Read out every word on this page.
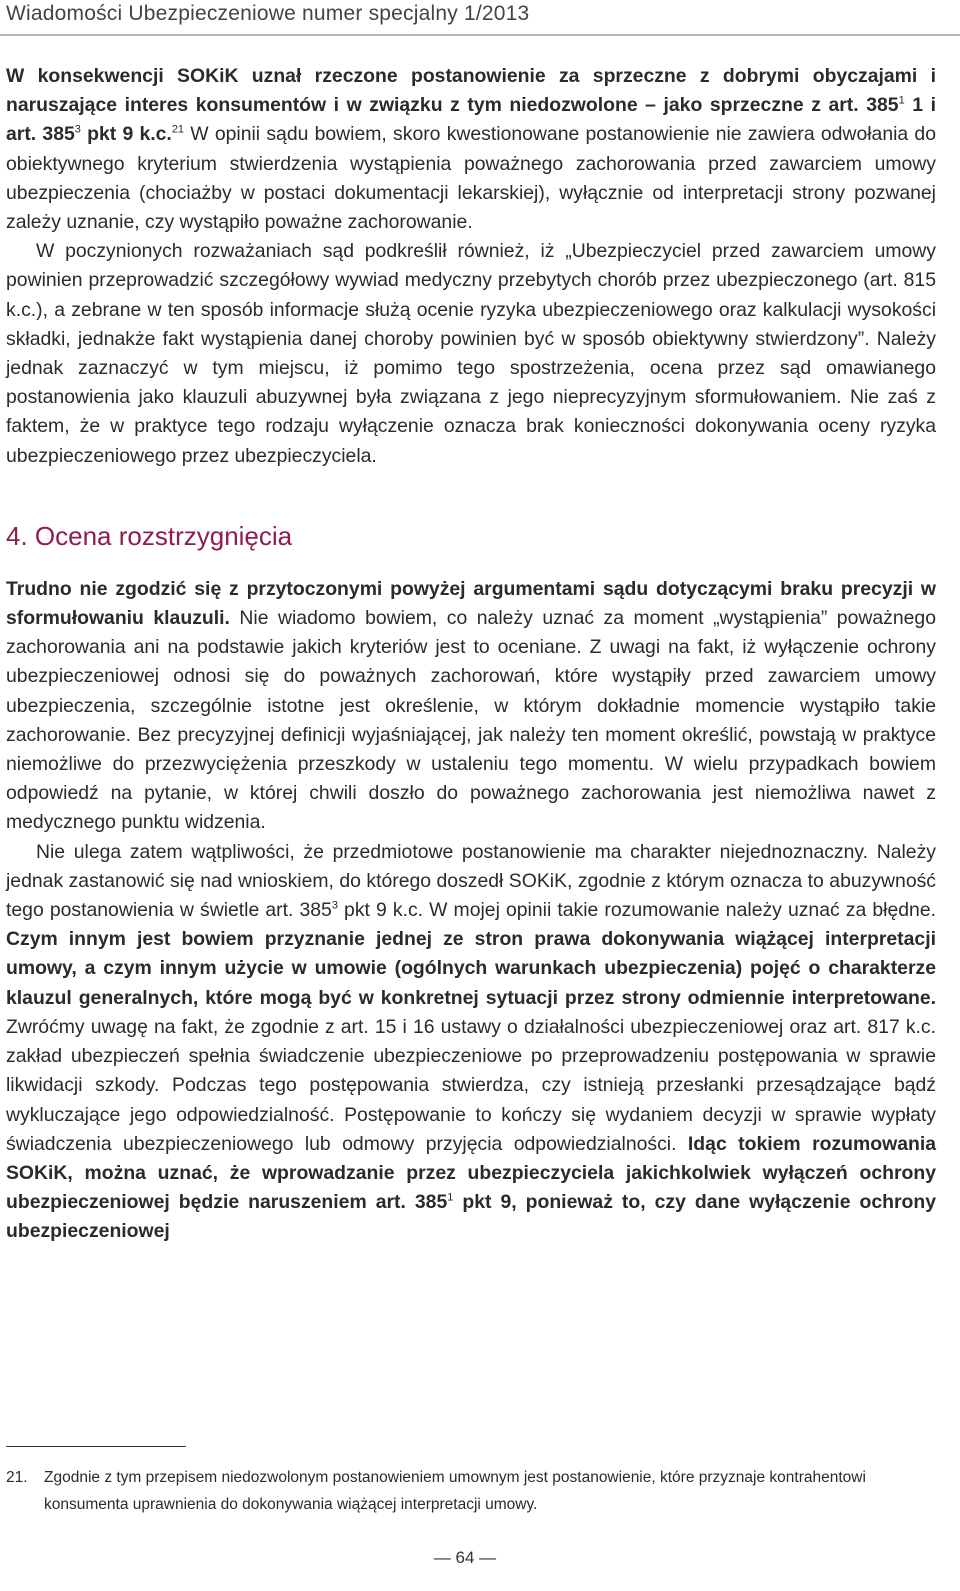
Wiadomości Ubezpieczeniowe numer specjalny 1/2013

W konsekwencji SOKiK uznał rzeczone postanowienie za sprzeczne z dobrymi obyczajami i naruszające interes konsumentów i w związku z tym niedozwolone – jako sprzeczne z art. $385^1$ 1 i art. $385^3$ pkt 9 k.c.$^{21}$ W opinii sądu bowiem, skoro kwestionowane postanowienie nie zawiera odwołania do obiektywnego kryterium stwierdzenia wystąpienia poważnego zachorowania przed zawarciem umowy ubezpieczenia (chociażby w postaci dokumentacji lekarskiej), wyłącznie od interpretacji strony pozwanej zależy uznanie, czy wystąpiło poważne zachorowanie.

W poczynionych rozważaniach sąd podkreślił również, iż „Ubezpieczyciel przed zawarciem umowy powinien przeprowadzić szczegółowy wywiad medyczny przebytych chorób przez ubezpieczonego (art. 815 k.c.), a zebrane w ten sposób informacje służą ocenie ryzyka ubezpieczeniowego oraz kalkulacji wysokości składki, jednakże fakt wystąpienia danej choroby powinien być w sposób obiektywny stwierdzony”. Należy jednak zaznaczyć w tym miejscu, iż pomimo tego spostrzeżenia, ocena przez sąd omawianego postanowienia jako klauzuli abuzywnej była związana z jego nieprecyzyjnym sformułowaniem. Nie zaś z faktem, że w praktyce tego rodzaju wyłączenie oznacza brak konieczności dokonywania oceny ryzyka ubezpieczeniowego przez ubezpieczyciela.

4. Ocena rozstrzygnięcia

Trudno nie zgodzić się z przytoczonymi powyżej argumentami sądu dotyczącymi braku precyzji w sformułowaniu klauzuli. Nie wiadomo bowiem, co należy uznać za moment „wystąpienia” poważnego zachorowania ani na podstawie jakich kryteriów jest to oceniane. Z uwagi na fakt, iż wyłączenie ochrony ubezpieczeniowej odnosi się do poważnych zachorowań, które wystąpiły przed zawarciem umowy ubezpieczenia, szczególnie istotne jest określenie, w którym dokładnie momencie wystąpiło takie zachorowanie. Bez precyzyjnej definicji wyjaśniającej, jak należy ten moment określić, powstają w praktyce niemożliwe do przezwyciężenia przeszkody w ustaleniu tego momentu. W wielu przypadkach bowiem odpowiedź na pytanie, w której chwili doszło do poważnego zachorowania jest niemożliwa nawet z medycznego punktu widzenia.

Nie ulega zatem wątpliwości, że przedmiotowe postanowienie ma charakter niejednoznaczny. Należy jednak zastanowić się nad wnioskiem, do którego doszedł SOKiK, zgodnie z którym oznacza to abuzywność tego postanowienia w świetle art. $385^3$ pkt 9 k.c. W mojej opinii takie rozumowanie należy uznać za błędne. Czym innym jest bowiem przyznanie jednej ze stron prawa dokonywania wiążącej interpretacji umowy, a czym innym użycie w umowie (ogólnych warunkach ubezpieczenia) pojęć o charakterze klauzul generalnych, które mogą być w konkretnej sytuacji przez strony odmiennie interpretowane. Zwróćmy uwagę na fakt, że zgodnie z art. 15 i 16 ustawy o działalności ubezpieczeniowej oraz art. 817 k.c. zakład ubezpieczeń spełnia świadczenie ubezpieczeniowe po przeprowadzeniu postępowania w sprawie likwidacji szkody. Podczas tego postępowania stwierdza, czy istnieją przesłanki przesądzające bądź wykluczające jego odpowiedzialność. Postępowanie to kończy się wydaniem decyzji w sprawie wypłaty świadczenia ubezpieczeniowego lub odmowy przyjęcia odpowiedzialności. Idąc tokiem rozumowania SOKiK, można uznać, że wprowadzanie przez ubezpieczyciela jakichkolwiek wyłączeń ochrony ubezpieczeniowej będzie naruszeniem art. $385^1$ pkt 9, ponieważ to, czy dane wyłączenie ochrony ubezpieczeniowej

21.	Zgodnie z tym przepisem niedozwolonym postanowieniem umownym jest postanowienie, które przyznaje kontrahentowi konsumenta uprawnienia do dokonywania wiążącej interpretacji umowy.
— 64 —
